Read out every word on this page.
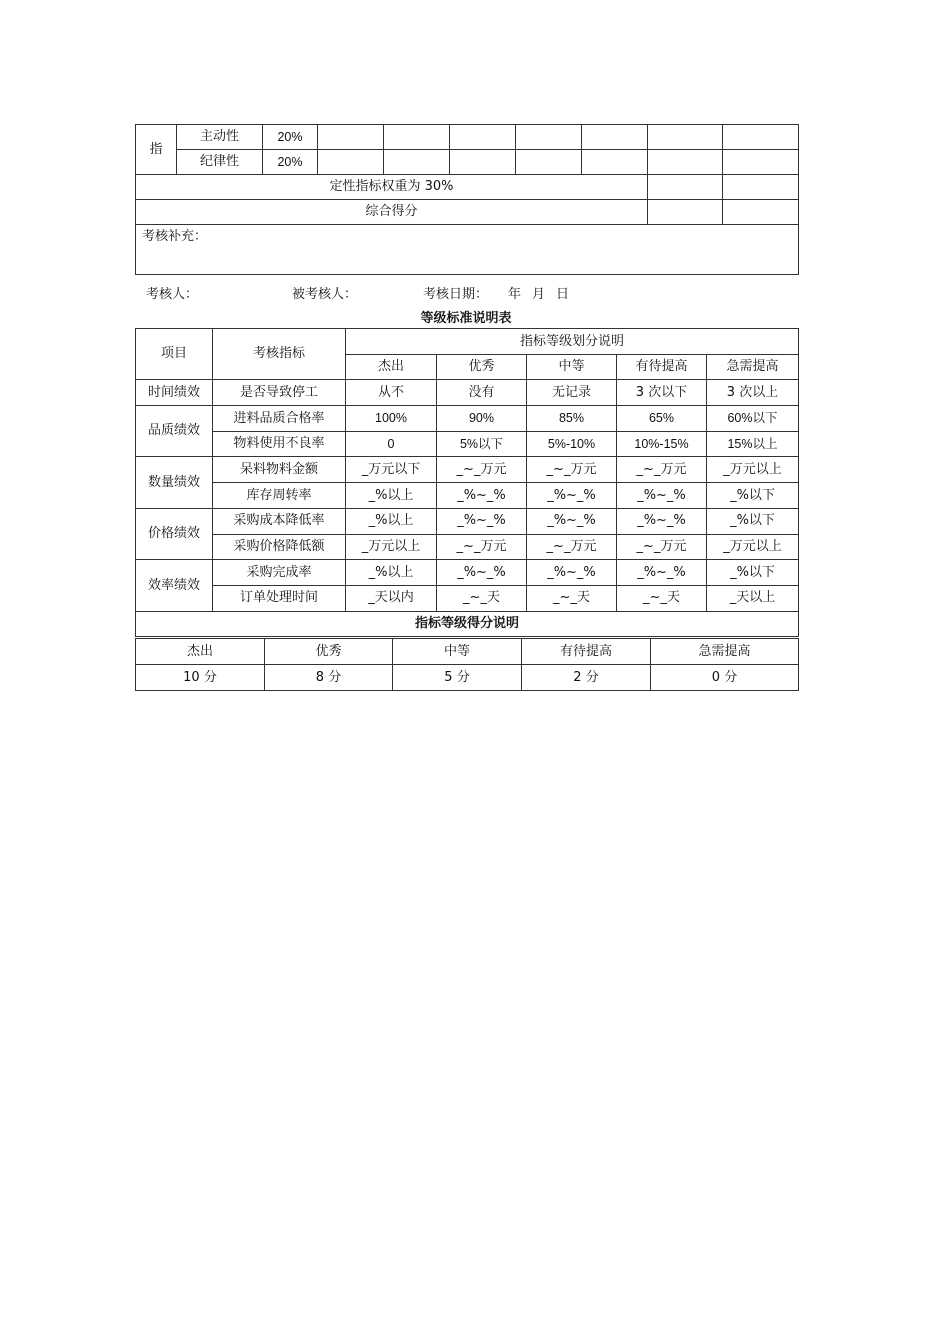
指	主动性	20%							
	纪律性	20%							
定性指标权重为 30%									
综合得分									
考核补充：									
考核人：	被考核人：	考核日期： 年 月 日
等级标准说明表
项目	考核指标	指标等级划分说明				
		杰出	优秀	中等	有待提高	急需提高
时间绩效	是否导致停工	从不	没有	无记录	3 次以下	3 次以上
品质绩效	进料品质合格率	100%	90%	85%	65%	60%以下
	物料使用不良率	0	5%以下	5%-10%	10%-15%	15%以上
数量绩效	呆料物料金额	_万元以下	_~_万元	_~_万元	_~_万元	_万元以上
	库存周转率	_%以上	_%~_%	_%~_%	_%~_%	_%以下
价格绩效	采购成本降低率	_%以上	_%~_%	_%~_%	_%~_%	_%以下
	采购价格降低额	_万元以上	_~_万元	_~_万元	_~_万元	_万元以上
效率绩效	采购完成率	_%以上	_%~_%	_%~_%	_%~_%	_%以下
	订单处理时间	_天以内	_~_天	_~_天	_~_天	_天以上
指标等级得分说明						
杰出	优秀	中等	有待提高	急需提高
10 分	8 分	5 分	2 分	0 分
